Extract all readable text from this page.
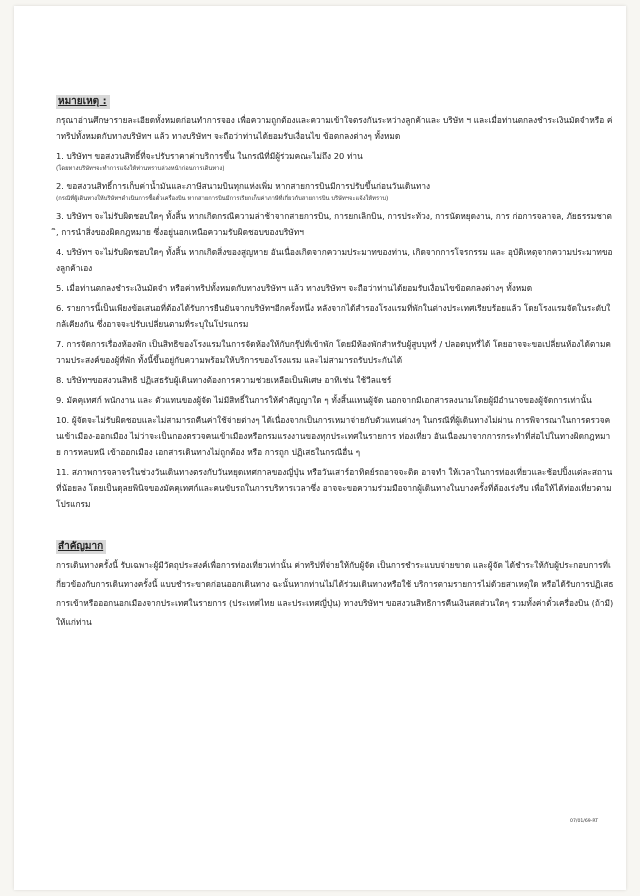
หมายเหตุ :

กรุณาอ่านศึกษารายละเอียดทั้งหมดก่อนทำการจอง เพื่อความถูกต้องและความเข้าใจตรงกันระหว่างลูกค้าและ บริษัท ฯ และเมื่อท่านตกลงชำระเงินมัดจำหรือ ค่าทริปทั้งหมดกับทางบริษัทฯ แล้ว ทางบริษัทฯ จะถือว่าท่านได้ยอมรับเงื่อนไข ข้อตกลงต่างๆ ทั้งหมด

1. บริษัทฯ ขอสงวนสิทธิ์ที่จะปรับราคาค่าบริการขึ้น ในกรณีที่มีผู้ร่วมคณะไม่ถึง 20 ท่าน

(โดยทางบริษัทฯจะทำการแจ้งให้ท่านทราบล่วงหน้าก่อนการเดินทาง)

2. ขอสงวนสิทธิ์การเก็บค่าน้ำมันและภาษีสนามบินทุกแห่งเพิ่ม หากสายการบินมีการปรับขึ้นก่อนวันเดินทาง

(กรณีที่ผู้เดินทางให้บริษัทฯดำเนินการซื้อตั๋วเครื่องบิน หากสายการบินมีการเรียกเก็บค่าภาษีที่เกี่ยวกับสายการบิน บริษัทฯจะแจ้งให้ทราบ)

3. บริษัทฯ จะไม่รับผิดชอบใดๆ ทั้งสิ้น หากเกิดกรณีความล่าช้าจากสายการบิน, การยกเลิกบิน, การประท้วง, การนัดหยุดงาน, การ ก่อการจลาจล, ภัยธรรมชาติ, การนำสิ่งของผิดกฎหมาย ซึ่งอยู่นอกเหนือความรับผิดชอบของบริษัทฯ

4. บริษัทฯ จะไม่รับผิดชอบใดๆ ทั้งสิ้น หากเกิดสิ่งของสูญหาย อันเนื่องเกิดจากความประมาทของท่าน, เกิดจากการโจรกรรม และ อุบัติเหตุจากความประมาทของลูกค้าเอง

5. เมื่อท่านตกลงชำระเงินมัดจำ หรือค่าทริปทั้งหมดกับทางบริษัทฯ แล้ว ทางบริษัทฯ จะถือว่าท่านได้ยอมรับเงื่อนไขข้อตกลงต่างๆ ทั้งหมด

6. รายการนี้เป็นเพียงข้อเสนอที่ต้องได้รับการยืนยันจากบริษัทฯอีกครั้งหนึ่ง หลังจากได้สำรองโรงแรมที่พักในต่างประเทศเรียบร้อยแล้ว โดยโรงแรมจัดในระดับใกล้เคียงกัน ซึ่งอาจจะปรับเปลี่ยนตามที่ระบุในโปรแกรม

7. การจัดการเรื่องห้องพัก เป็นสิทธิของโรงแรมในการจัดห้องให้กับกรุ๊ปที่เข้าพัก โดยมีห้องพักสำหรับผู้สูบบุหรี่ / ปลอดบุหรี่ได้ โดยอาจจะขอเปลี่ยนห้องได้ตามความประสงค์ของผู้ที่พัก ทั้งนี้ขึ้นอยู่กับความพร้อมให้บริการของโรงแรม และไม่สามารถรับประกันได้

8. บริษัทฯขอสงวนสิทธิ ปฏิเสธรับผู้เดินทางต้องการความช่วยเหลือเป็นพิเศษ อาทิเช่น ใช้วีลแชร์

9. มัคคุเทศก์ พนักงาน และ ตัวแทนของผู้จัด ไม่มีสิทธิ์ในการให้คำสัญญาใด ๆ ทั้งสิ้นแทนผู้จัด นอกจากมีเอกสารลงนามโดยผู้มีอำนาจของผู้จัดการเท่านั้น

10. ผู้จัดจะไม่รับผิดชอบและไม่สามารถคืนค่าใช้จ่ายต่างๆ ได้เนื่องจากเป็นการเหมาจ่ายกับตัวแทนต่างๆ ในกรณีที่ผู้เดินทางไม่ผ่าน การพิจารณาในการตรวจคนเข้าเมือง-ออกเมือง ไม่ว่าจะเป็นกองตรวจคนเข้าเมืองหรือกรมแรงงานของทุกประเทศในรายการ ท่องเที่ยว อันเนื่องมาจากการกระทำที่ส่อไปในทางผิดกฎหมาย การหลบหนี เข้าออกเมือง เอกสารเดินทางไม่ถูกต้อง หรือ การถูก ปฏิเสธในกรณีอื่น ๆ

11. สภาพการจลาจรในช่วงวันเดินทางตรงกับวันหยุดเทศกาลของญี่ปุ่น หรือวันเสาร์อาทิตย์รถอาจจะติด อาจทำ ให้เวลาในการท่องเที่ยวและช้อปปิ้งแต่ละสถานที่น้อยลง โดยเป็นดุลยพินิจของมัคคุเทศก์และคนขับรถในการบริหารเวลาซึ่ง อาจจะขอความร่วมมือจากผู้เดินทางในบางครั้งที่ต้องเร่งรีบ เพื่อให้ได้ท่องเที่ยวตามโปรแกรม

สำคัญมาก

การเดินทางครั้งนี้ รับเฉพาะผู้มีวัตถุประสงค์เพื่อการท่องเที่ยวเท่านั้น ค่าทริปที่จ่ายให้กับผู้จัด เป็นการชำระแบบจ่ายขาด และผู้จัด ได้ชำระให้กับผู้ประกอบการที่เกี่ยวข้องกับการเดินทางครั้งนี้ แบบชำระขาดก่อนออกเดินทาง ฉะนั้นหากท่านไม่ได้ร่วมเดินทางหรือใช้ บริการตามรายการไม่ด้วยสาเหตุใด หรือได้รับการปฏิเสธการเข้าหรือออกนอกเมืองจากประเทศในรายการ (ประเทศไทย และประเทศญี่ปุ่น) ทางบริษัทฯ ขอสงวนสิทธิการคืนเงินสดส่วนใดๆ รวมทั้งค่าตั๋วเครื่องบิน (ถ้ามี) ให้แก่ท่าน

07/01/69-RT
